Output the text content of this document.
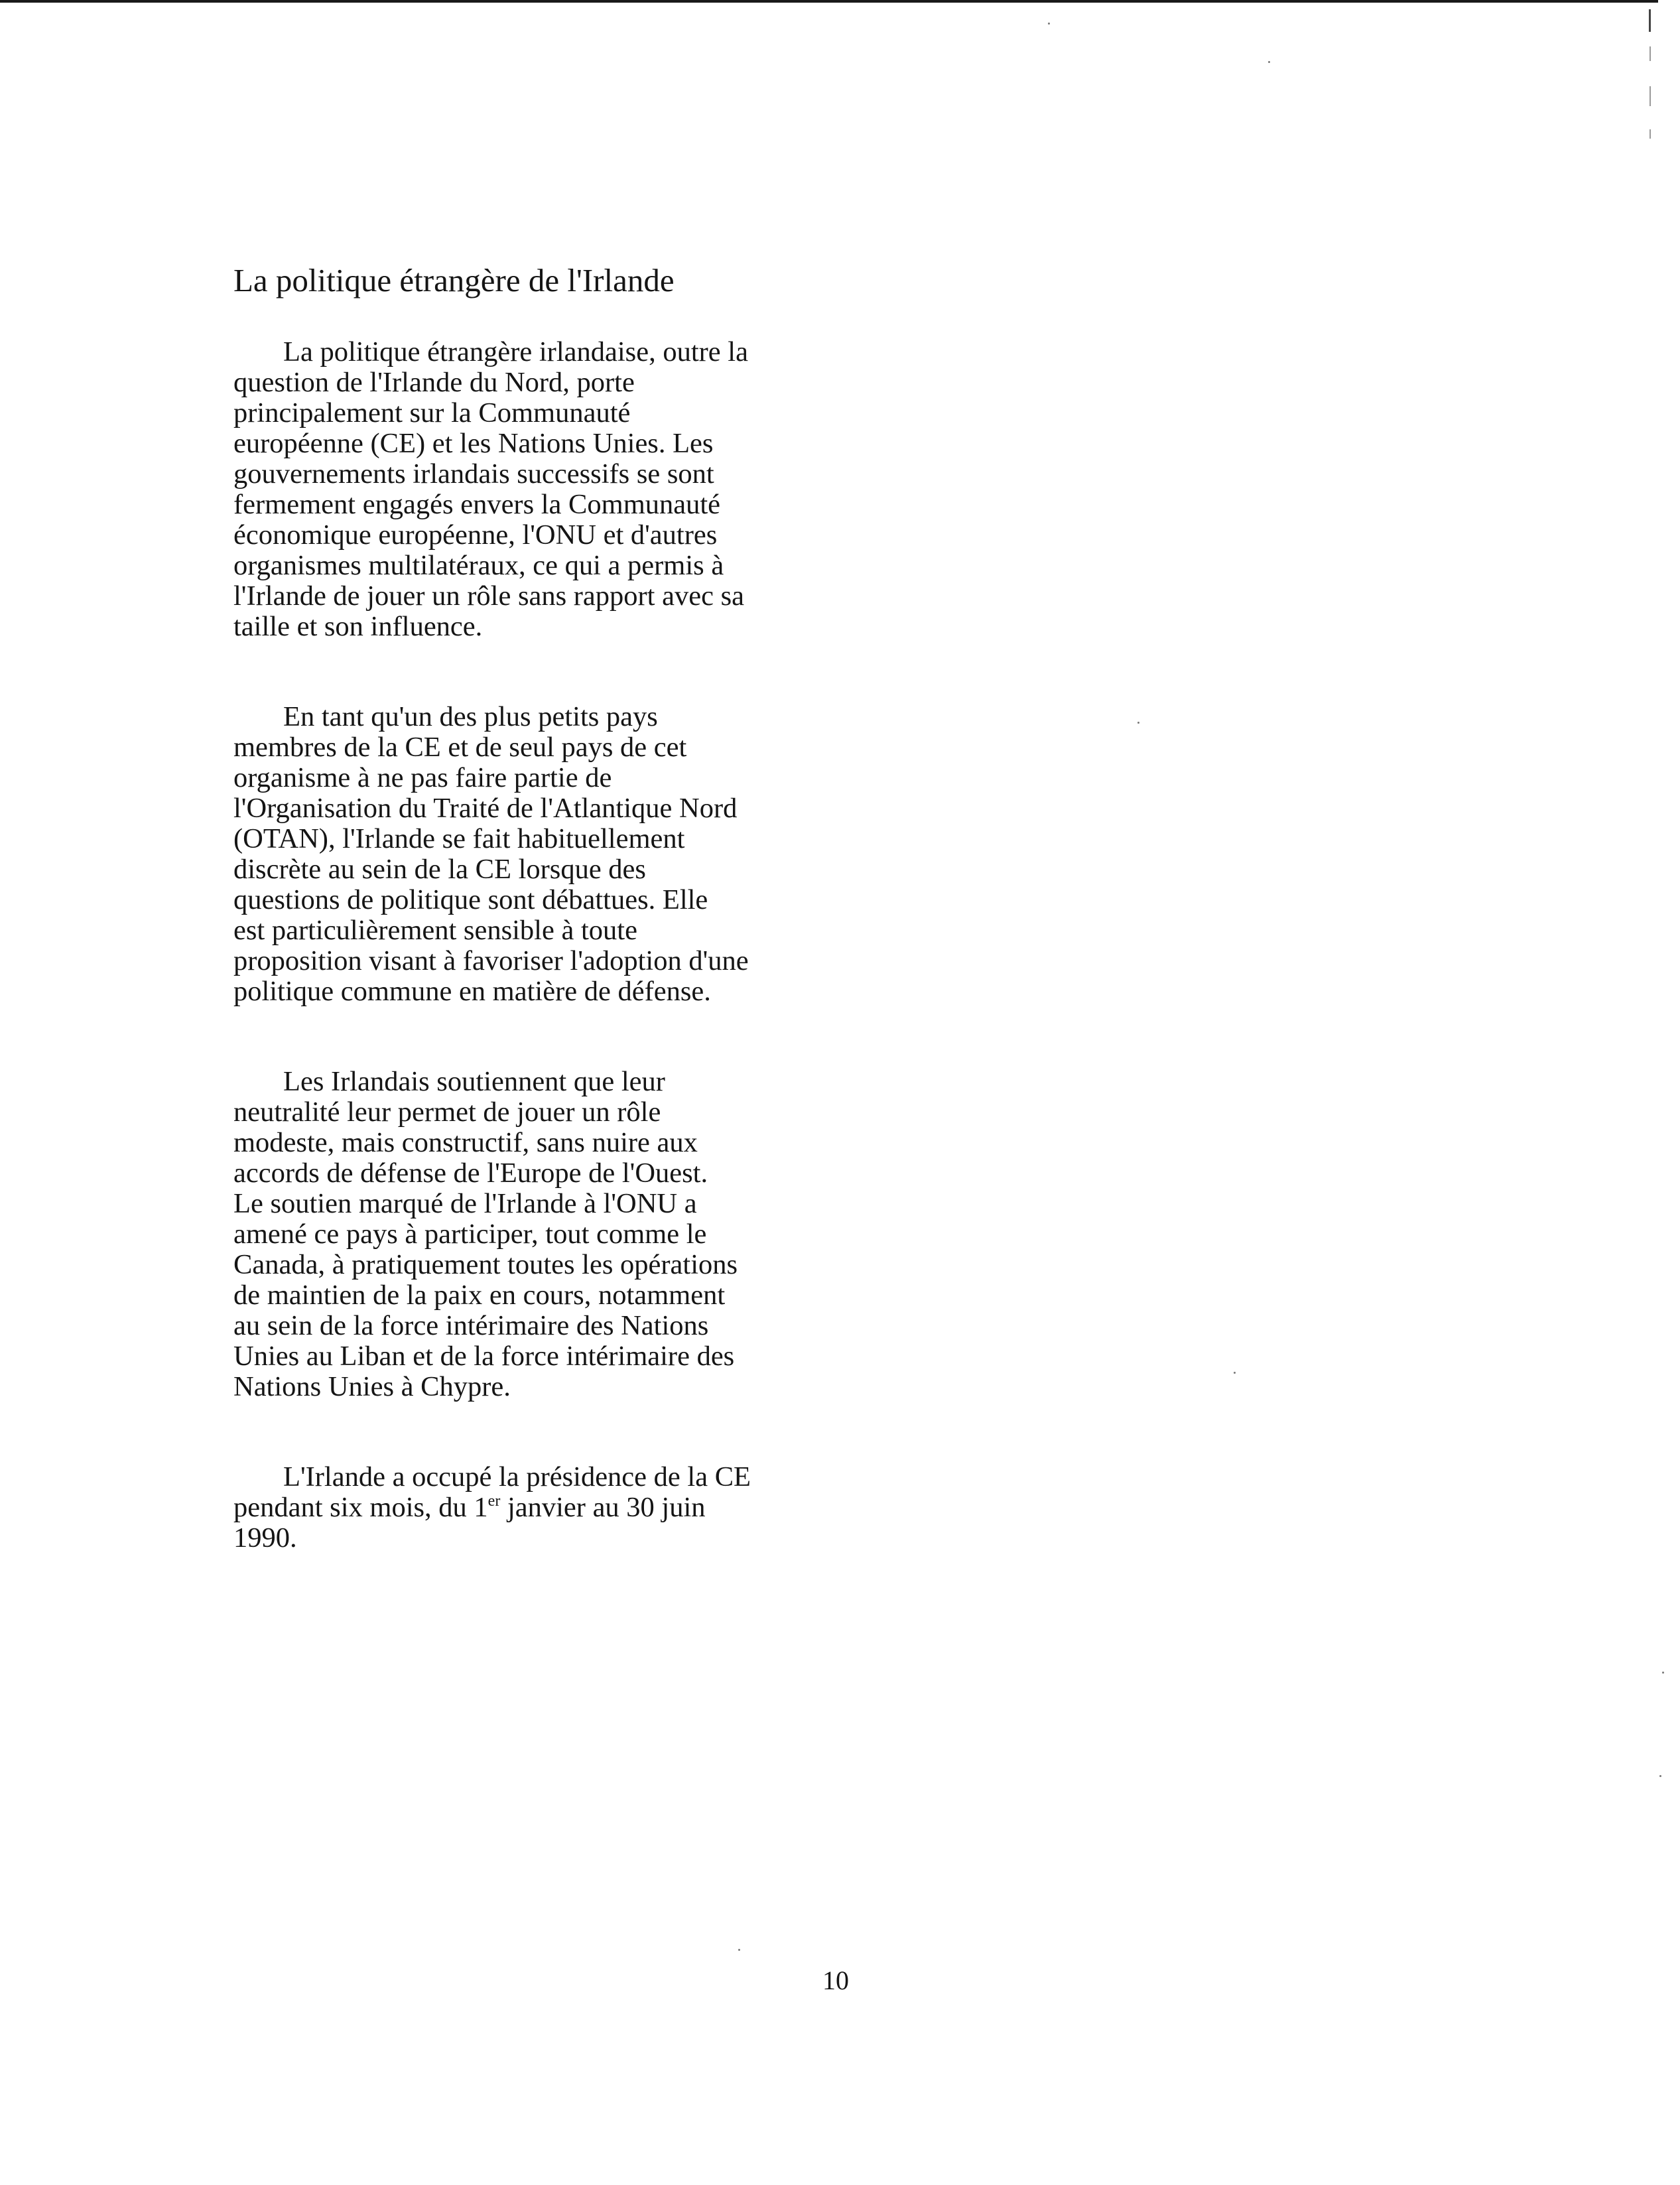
La politique étrangère de l'Irlande

La politique étrangère irlandaise, outre la
question de l'Irlande du Nord, porte
principalement sur la Communauté
européenne (CE) et les Nations Unies. Les
gouvernements irlandais successifs se sont
fermement engagés envers la Communauté
économique européenne, l'ONU et d'autres
organismes multilatéraux, ce qui a permis à
l'Irlande de jouer un rôle sans rapport avec sa
taille et son influence.

En tant qu'un des plus petits pays
membres de la CE et de seul pays de cet
organisme à ne pas faire partie de
l'Organisation du Traité de l'Atlantique Nord
(OTAN), l'Irlande se fait habituellement
discrète au sein de la CE lorsque des
questions de politique sont débattues. Elle
est particulièrement sensible à toute
proposition visant à favoriser l'adoption d'une
politique commune en matière de défense.

Les Irlandais soutiennent que leur
neutralité leur permet de jouer un rôle
modeste, mais constructif, sans nuire aux
accords de défense de l'Europe de l'Ouest.
Le soutien marqué de l'Irlande à l'ONU a
amené ce pays à participer, tout comme le
Canada, à pratiquement toutes les opérations
de maintien de la paix en cours, notamment
au sein de la force intérimaire des Nations
Unies au Liban et de la force intérimaire des
Nations Unies à Chypre.

L'Irlande a occupé la présidence de la CE
pendant six mois, du 1er janvier au 30 juin
1990.

10
